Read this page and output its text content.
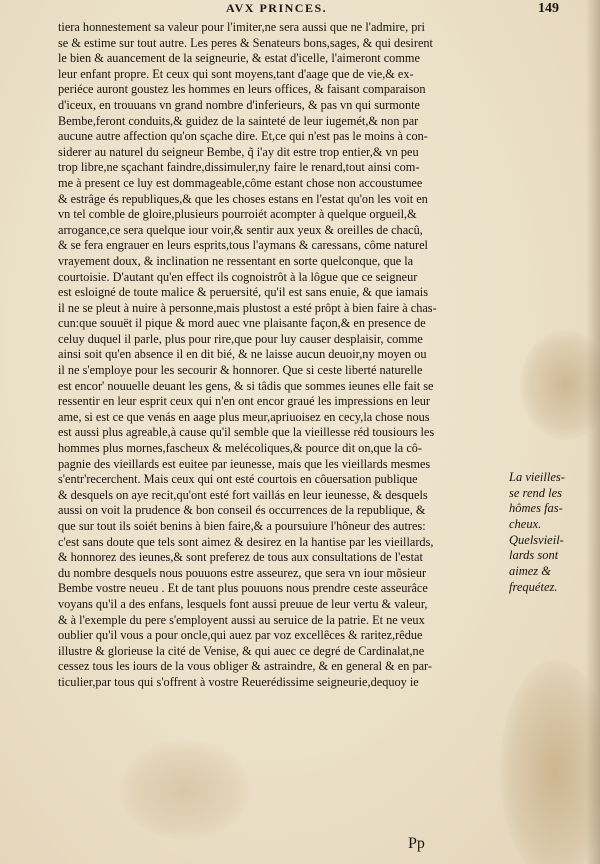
AVX PRINCES.	149
tiera honnestement sa valeur pour l'imiter,ne sera aussi que ne l'admire, pri
se & estime sur tout autre. Les peres & Senateurs bons,sages, & qui desirent
le bien & auancement de la seigneurie, & estat d'icelle, l'aimeront comme
leur enfant propre. Et ceux qui sont moyens,tant d'aage que de vie,& ex-
periéce auront goustez les hommes en leurs offices, & faisant comparaison
d'iceux, en trouuans vn grand nombre d'inferieurs, & pas vn qui surmonte
Bembe,feront conduits,& guidez de la sainteté de leur iugemét,& non par
aucune autre affection qu'on sçache dire. Et,ce qui n'est pas le moins à con-
siderer au naturel du seigneur Bembe, q̃ i'ay dit estre trop entier,& vn peu
trop libre,ne sçachant faindre,dissimuler,ny faire le renard,tout ainsi com-
me à present ce luy est dommageable,côme estant chose non accoustumee
& estrâge és republiques,& que les choses estans en l'estat qu'on les voit en
vn tel comble de gloire,plusieurs pourroiét acompter à quelque orgueil,&
arrogance,ce sera quelque iour voir,& sentir aux yeux & oreilles de chacû,
& se fera engrauer en leurs esprits,tous l'aymans & caressans, côme naturel
vrayement doux, & inclination ne ressentant en sorte quelconque, que la
courtoisie. D'autant qu'en effect ils cognoistrôt à la lôgue que ce seigneur
est esloigné de toute malice & peruersité, qu'il est sans enuie, & que iamais
il ne se pleut à nuire à personne,mais plustost a esté prôpt à bien faire à chas-
cun:que souuët il pique & mord auec vne plaisante façon,& en presence de
celuy duquel il parle, plus pour rire,que pour luy causer desplaisir, comme
ainsi soit qu'en absence il en dit bié, & ne laisse aucun deuoir,ny moyen ou
il ne s'employe pour les secourir & honnorer. Que si ceste liberté naturelle
est encor' nouuelle deuant les gens, & si tâdis que sommes ieunes elle fait se
ressentir en leur esprit ceux qui n'en ont encor graué les impressions en leur
ame, si est ce que venás en aage plus meur,apriuoisez en cecy,la chose nous
est aussi plus agreable,à cause qu'il semble que la vieillesse réd tousiours les
hommes plus mornes,fascheux & melécoliques,& pource dit on,que la cô-
pagnie des vieillards est euitee par ieunesse, mais que les vieillards mesmes
s'entr'recerchent. Mais ceux qui ont esté courtois en côuersation publique
& desquels on aye recit,qu'ont esté fort vaillás en leur ieunesse, & desquels
aussi on voit la prudence & bon conseil és occurrences de la republique, &
que sur tout ils soiét benins à bien faire,& a poursuiure l'hôneur des autres:
c'est sans doute que tels sont aimez & desirez en la hantise par les vieillards,
& honnorez des ieunes,& sont preferez de tous aux consultations de l'estat
du nombre desquels nous pouuons estre asseurez, que sera vn iour mõsieur
Bembe vostre neueu . Et de tant plus pouuons nous prendre ceste asseurâce
voyans qu'il a des enfans, lesquels font aussi preuue de leur vertu & valeur,
& à l'exemple du pere s'employent aussi au seruice de la patrie. Et ne veux
oublier qu'il vous a pour oncle,qui auez par voz excellêces & raritez,rêdue
illustre & glorieuse la cité de Venise, & qui auec ce degré de Cardinalat,ne
cessez tous les iours de la vous obliger & astraindre, & en general & en par-
ticulier,par tous qui s'offrent à vostre Reuerédissime seigneurie,dequoy ie
La vieilles-
se rend les
hômes fas-
cheux.
Quelsvieil-
lards sont
aimez &
frequétez.
Pp
